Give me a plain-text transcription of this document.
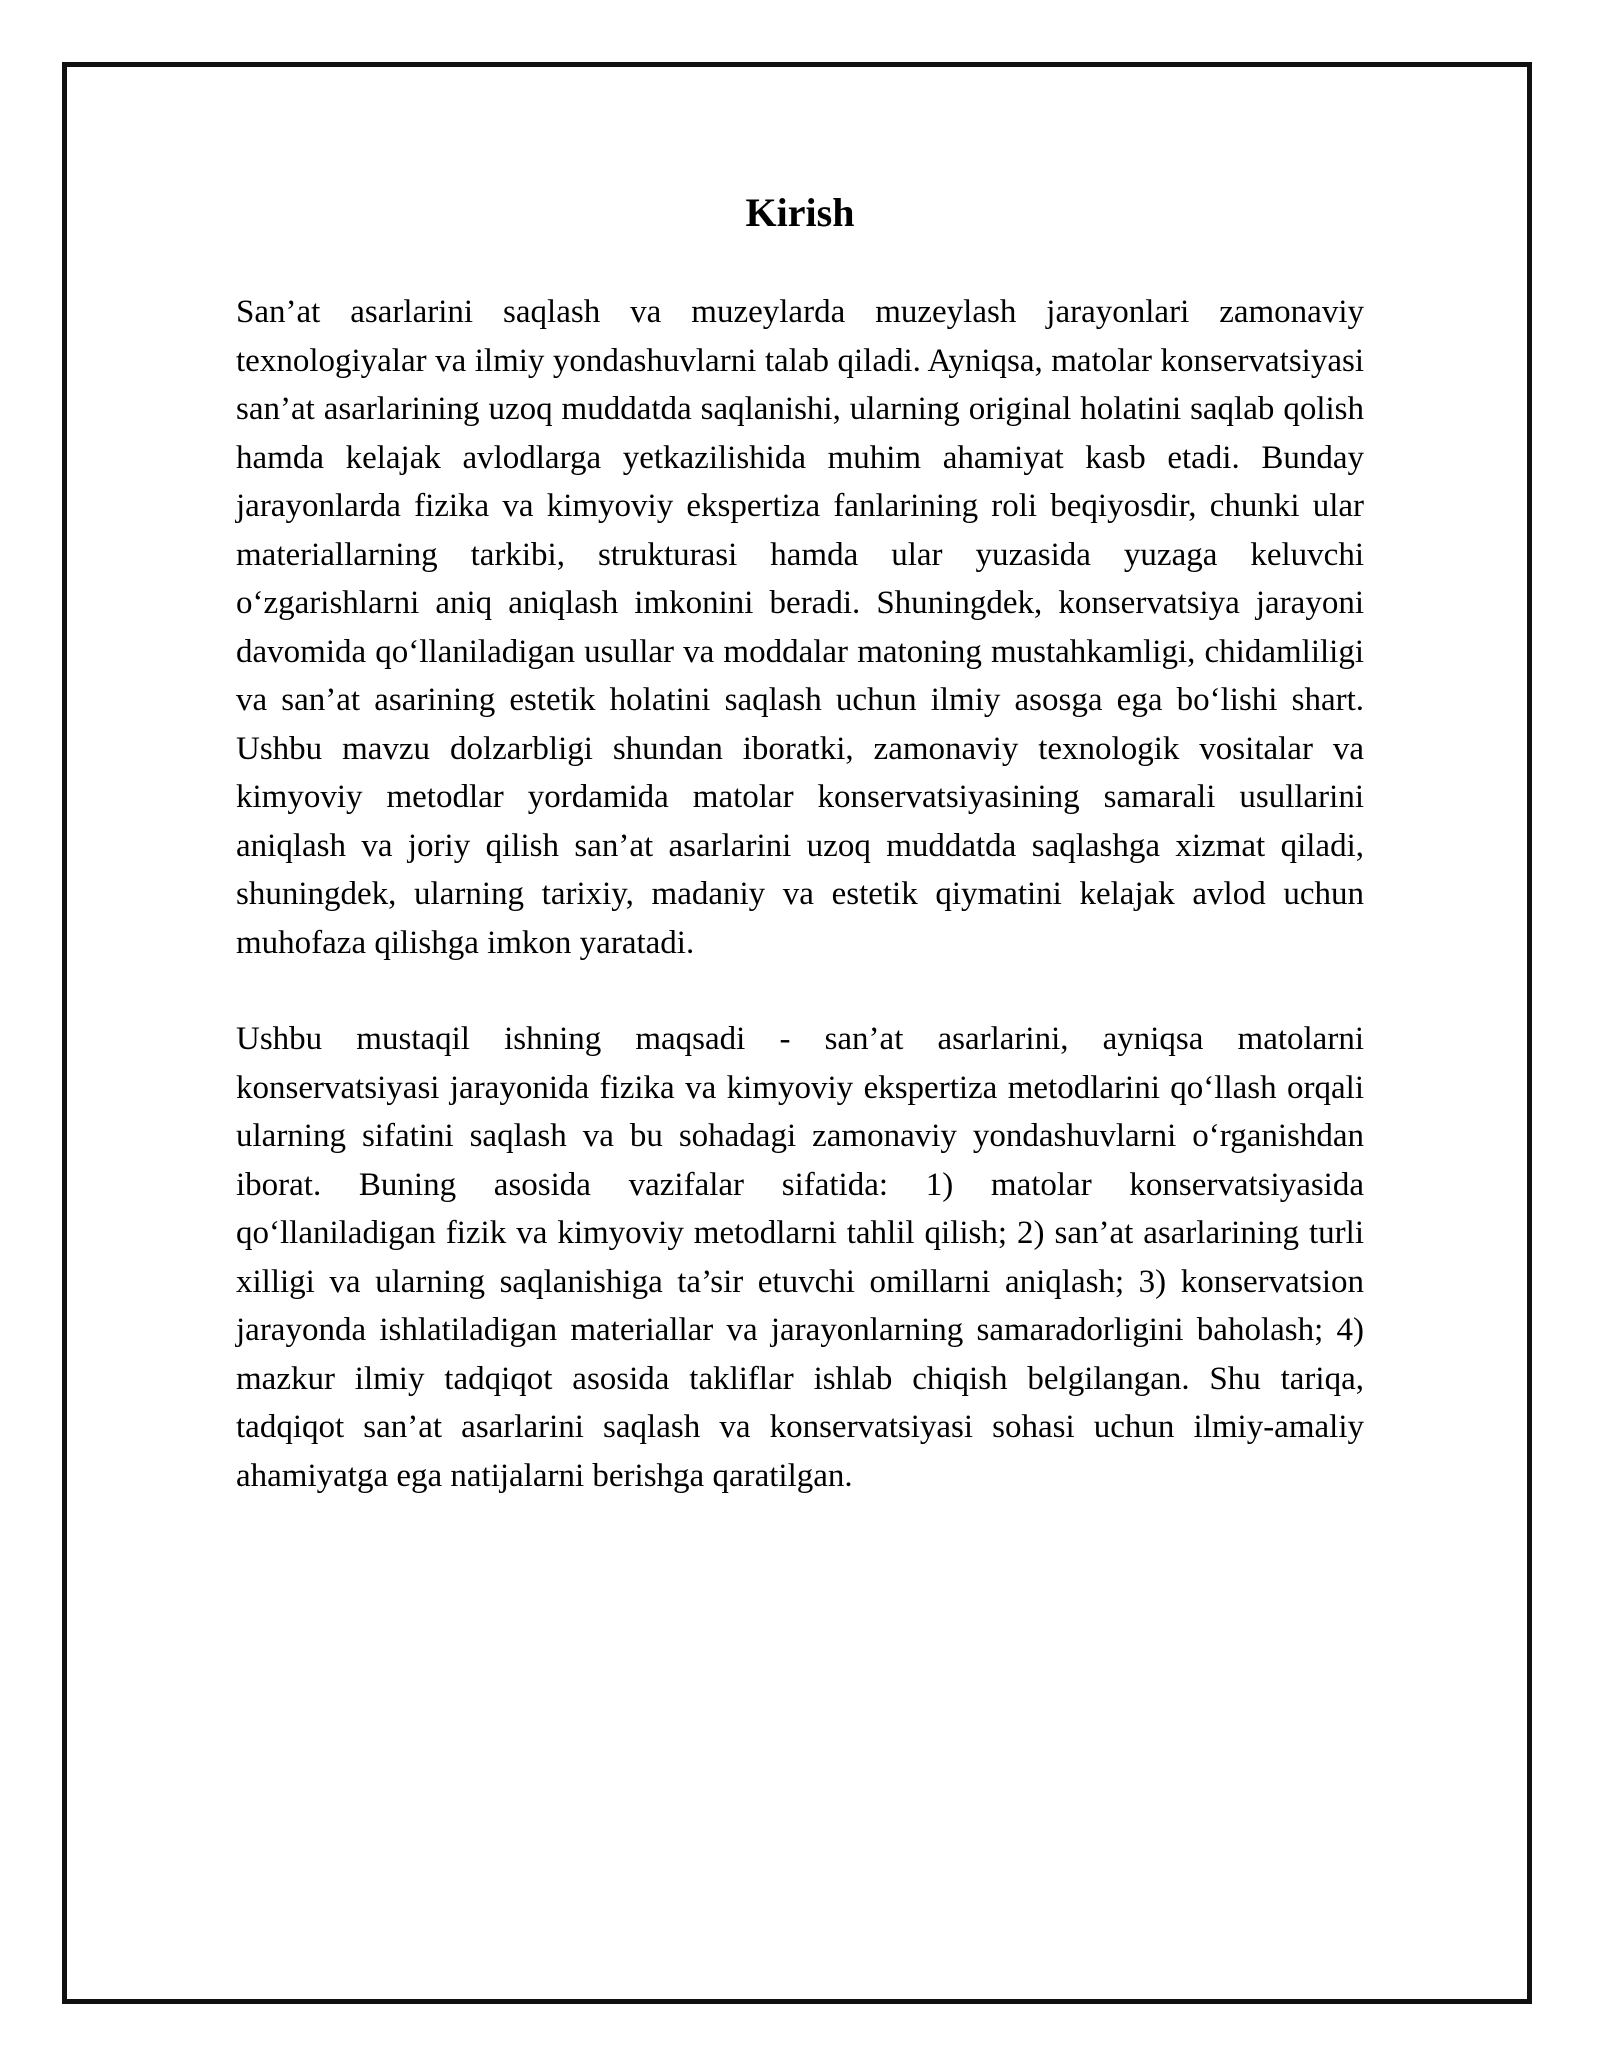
Kirish

San’at asarlarini saqlash va muzeylarda muzeylash jarayonlari zamonaviy texnologiyalar va ilmiy yondashuvlarni talab qiladi. Ayniqsa, matolar konservatsiyasi san’at asarlarining uzoq muddatda saqlanishi, ularning original holatini saqlab qolish hamda kelajak avlodlarga yetkazilishida muhim ahamiyat kasb etadi. Bunday jarayonlarda fizika va kimyoviy ekspertiza fanlarining roli beqiyosdir, chunki ular materiallarning tarkibi, strukturasi hamda ular yuzasida yuzaga keluvchi oʻzgarishlarni aniq aniqlash imkonini beradi. Shuningdek, konservatsiya jarayoni davomida qoʻllaniladigan usullar va moddalar matoning mustahkamligi, chidamliligi va san’at asarining estetik holatini saqlash uchun ilmiy asosga ega boʻlishi shart. Ushbu mavzu dolzarbligi shundan iboratki, zamonaviy texnologik vositalar va kimyoviy metodlar yordamida matolar konservatsiyasining samarali usullarini aniqlash va joriy qilish san’at asarlarini uzoq muddatda saqlashga xizmat qiladi, shuningdek, ularning tarixiy, madaniy va estetik qiymatini kelajak avlod uchun muhofaza qilishga imkon yaratadi.

Ushbu mustaqil ishning maqsadi - san’at asarlarini, ayniqsa matolarni konservatsiyasi jarayonida fizika va kimyoviy ekspertiza metodlarini qoʻllash orqali ularning sifatini saqlash va bu sohadagi zamonaviy yondashuvlarni oʻrganishdan iborat. Buning asosida vazifalar sifatida: 1) matolar konservatsiyasida qoʻllaniladigan fizik va kimyoviy metodlarni tahlil qilish; 2) san’at asarlarining turli xilligi va ularning saqlanishiga ta’sir etuvchi omillarni aniqlash; 3) konservatsion jarayonda ishlatiladigan materiallar va jarayonlarning samaradorligini baholash; 4) mazkur ilmiy tadqiqot asosida takliflar ishlab chiqish belgilangan. Shu tariqa, tadqiqot san’at asarlarini saqlash va konservatsiyasi sohasi uchun ilmiy-amaliy ahamiyatga ega natijalarni berishga qaratilgan.
